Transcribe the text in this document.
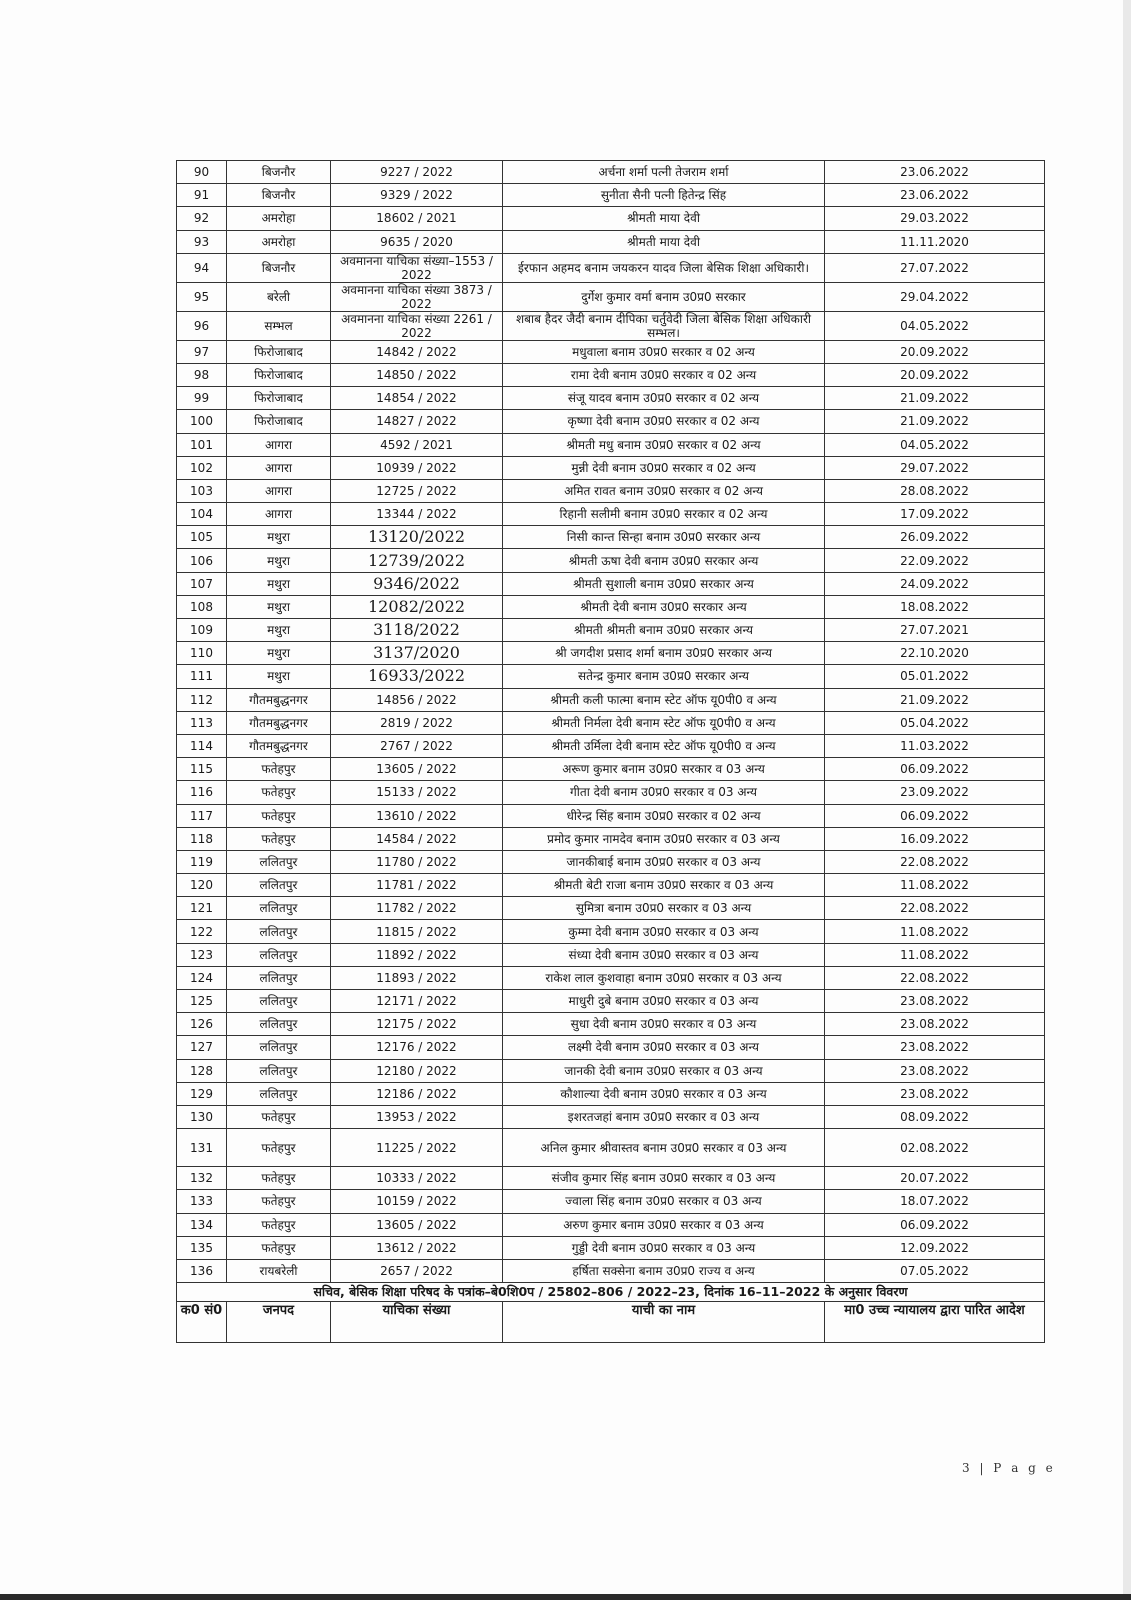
90	बिजनौर	9227 / 2022	अर्चना शर्मा पत्नी तेजराम शर्मा	23.06.2022
91	बिजनौर	9329 / 2022	सुनीता सैनी पत्नी हितेन्द्र सिंह	23.06.2022
92	अमरोहा	18602 / 2021	श्रीमती माया देवी	29.03.2022
93	अमरोहा	9635 / 2020	श्रीमती माया देवी	11.11.2020
94	बिजनौर	अवमानना याचिका संख्या–1553 / 2022	ईरफान अहमद बनाम जयकरन यादव जिला बेसिक शिक्षा अधिकारी।	27.07.2022
95	बरेली	अवमानना याचिका संख्या 3873 / 2022	दुर्गेश कुमार वर्मा बनाम उ0प्र0 सरकार	29.04.2022
96	सम्भल	अवमानना याचिका संख्या 2261 / 2022	शबाब हैदर जैदी बनाम दीपिका चर्तुवेदी जिला बेसिक शिक्षा अधिकारी सम्भल।	04.05.2022
97	फिरोजाबाद	14842 / 2022	मधुवाला बनाम उ0प्र0 सरकार व 02 अन्य	20.09.2022
98	फिरोजाबाद	14850 / 2022	रामा देवी बनाम उ0प्र0 सरकार व 02 अन्य	20.09.2022
99	फिरोजाबाद	14854 / 2022	संजू यादव बनाम उ0प्र0 सरकार व 02 अन्य	21.09.2022
100	फिरोजाबाद	14827 / 2022	कृष्णा देवी बनाम उ0प्र0 सरकार व 02 अन्य	21.09.2022
101	आगरा	4592 / 2021	श्रीमती मधु बनाम उ0प्र0 सरकार व 02 अन्य	04.05.2022
102	आगरा	10939 / 2022	मुन्नी देवी बनाम उ0प्र0 सरकार व 02 अन्य	29.07.2022
103	आगरा	12725 / 2022	अमित रावत बनाम उ0प्र0 सरकार व 02 अन्य	28.08.2022
104	आगरा	13344 / 2022	रिहानी सलीमी बनाम उ0प्र0 सरकार व 02 अन्य	17.09.2022
105	मथुरा	13120/2022	निसी कान्त सिन्हा बनाम उ0प्र0 सरकार अन्य	26.09.2022
106	मथुरा	12739/2022	श्रीमती ऊषा देवी बनाम उ0प्र0 सरकार अन्य	22.09.2022
107	मथुरा	9346/2022	श्रीमती सुशाली बनाम उ0प्र0 सरकार अन्य	24.09.2022
108	मथुरा	12082/2022	श्रीमती देवी बनाम उ0प्र0 सरकार अन्य	18.08.2022
109	मथुरा	3118/2022	श्रीमती श्रीमती बनाम उ0प्र0 सरकार अन्य	27.07.2021
110	मथुरा	3137/2020	श्री जगदीश प्रसाद शर्मा बनाम उ0प्र0 सरकार अन्य	22.10.2020
111	मथुरा	16933/2022	सतेन्द्र कुमार बनाम उ0प्र0 सरकार अन्य	05.01.2022
112	गौतमबुद्धनगर	14856 / 2022	श्रीमती कली फात्मा बनाम स्टेट ऑफ यू0पी0 व अन्य	21.09.2022
113	गौतमबुद्धनगर	2819 / 2022	श्रीमती निर्मला देवी बनाम स्टेट ऑफ यू0पी0 व अन्य	05.04.2022
114	गौतमबुद्धनगर	2767 / 2022	श्रीमती उर्मिला देवी बनाम स्टेट ऑफ यू0पी0 व अन्य	11.03.2022
115	फतेहपुर	13605 / 2022	अरूण कुमार बनाम उ0प्र0 सरकार व 03 अन्य	06.09.2022
116	फतेहपुर	15133 / 2022	गीता देवी बनाम उ0प्र0 सरकार व 03 अन्य	23.09.2022
117	फतेहपुर	13610 / 2022	धीरेन्द्र सिंह बनाम उ0प्र0 सरकार व 02 अन्य	06.09.2022
118	फतेहपुर	14584 / 2022	प्रमोद कुमार नामदेव बनाम उ0प्र0 सरकार व 03 अन्य	16.09.2022
119	ललितपुर	11780 / 2022	जानकीबाई बनाम उ0प्र0 सरकार व 03 अन्य	22.08.2022
120	ललितपुर	11781 / 2022	श्रीमती बेटी राजा बनाम उ0प्र0 सरकार व 03 अन्य	11.08.2022
121	ललितपुर	11782 / 2022	सुमित्रा बनाम उ0प्र0 सरकार व 03 अन्य	22.08.2022
122	ललितपुर	11815 / 2022	कुम्मा देवी बनाम उ0प्र0 सरकार व 03 अन्य	11.08.2022
123	ललितपुर	11892 / 2022	संध्या देवी बनाम उ0प्र0 सरकार व 03 अन्य	11.08.2022
124	ललितपुर	11893 / 2022	राकेश लाल कुशवाहा बनाम उ0प्र0 सरकार व 03 अन्य	22.08.2022
125	ललितपुर	12171 / 2022	माधुरी दुबे बनाम उ0प्र0 सरकार व 03 अन्य	23.08.2022
126	ललितपुर	12175 / 2022	सुधा देवी बनाम उ0प्र0 सरकार व 03 अन्य	23.08.2022
127	ललितपुर	12176 / 2022	लक्ष्मी देवी बनाम उ0प्र0 सरकार व 03 अन्य	23.08.2022
128	ललितपुर	12180 / 2022	जानकी देवी बनाम उ0प्र0 सरकार व 03 अन्य	23.08.2022
129	ललितपुर	12186 / 2022	कौशाल्या देवी बनाम उ0प्र0 सरकार व 03 अन्य	23.08.2022
130	फतेहपुर	13953 / 2022	इशरतजहां बनाम उ0प्र0 सरकार व 03 अन्य	08.09.2022
131	फतेहपुर	11225 / 2022	अनिल कुमार श्रीवास्तव बनाम उ0प्र0 सरकार व 03 अन्य	02.08.2022
132	फतेहपुर	10333 / 2022	संजीव कुमार सिंह बनाम उ0प्र0 सरकार व 03 अन्य	20.07.2022
133	फतेहपुर	10159 / 2022	ज्वाला सिंह बनाम उ0प्र0 सरकार व 03 अन्य	18.07.2022
134	फतेहपुर	13605 / 2022	अरुण कुमार बनाम उ0प्र0 सरकार व 03 अन्य	06.09.2022
135	फतेहपुर	13612 / 2022	गुड्डी देवी बनाम उ0प्र0 सरकार व 03 अन्य	12.09.2022
136	रायबरेली	2657 / 2022	हर्षिता सक्सेना बनाम उ0प्र0 राज्य व अन्य	07.05.2022
सचिव, बेसिक शिक्षा परिषद के पत्रांक–बे0शि0प / 25802–806 / 2022–23, दिनांक 16–11–2022 के अनुसार विवरण				
क0 सं0	जनपद	याचिका संख्या	याची का नाम	मा0 उच्च न्यायालय द्वारा पारित आदेश
3 | P a g e
